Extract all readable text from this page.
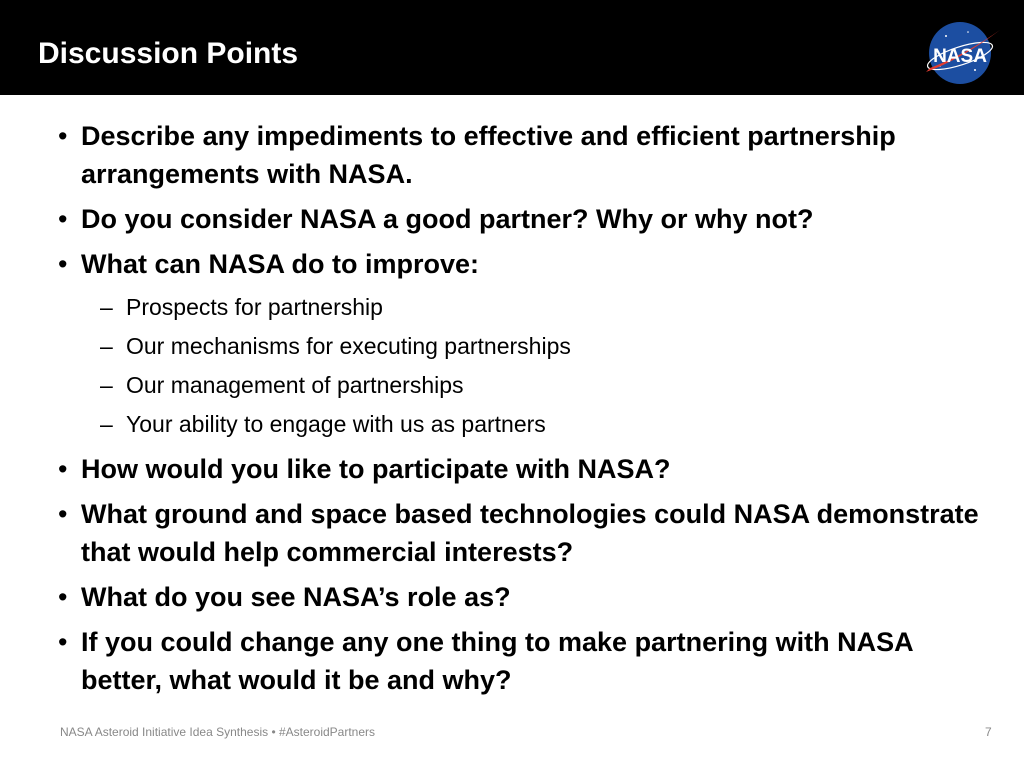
Discussion Points	NASA
• Describe any impediments to effective and efficient partnership arrangements with NASA.
• Do you consider NASA a good partner? Why or why not?
• What can NASA do to improve:
– Prospects for partnership
– Our mechanisms for executing partnerships
– Our management of partnerships
– Your ability to engage with us as partners
• How would you like to participate with NASA?
• What ground and space based technologies could NASA demonstrate that would help commercial interests?
• What do you see NASA’s role as?
• If you could change any one thing to make partnering with NASA better, what would it be and why?
NASA Asteroid Initiative Idea Synthesis • #AsteroidPartners	7
